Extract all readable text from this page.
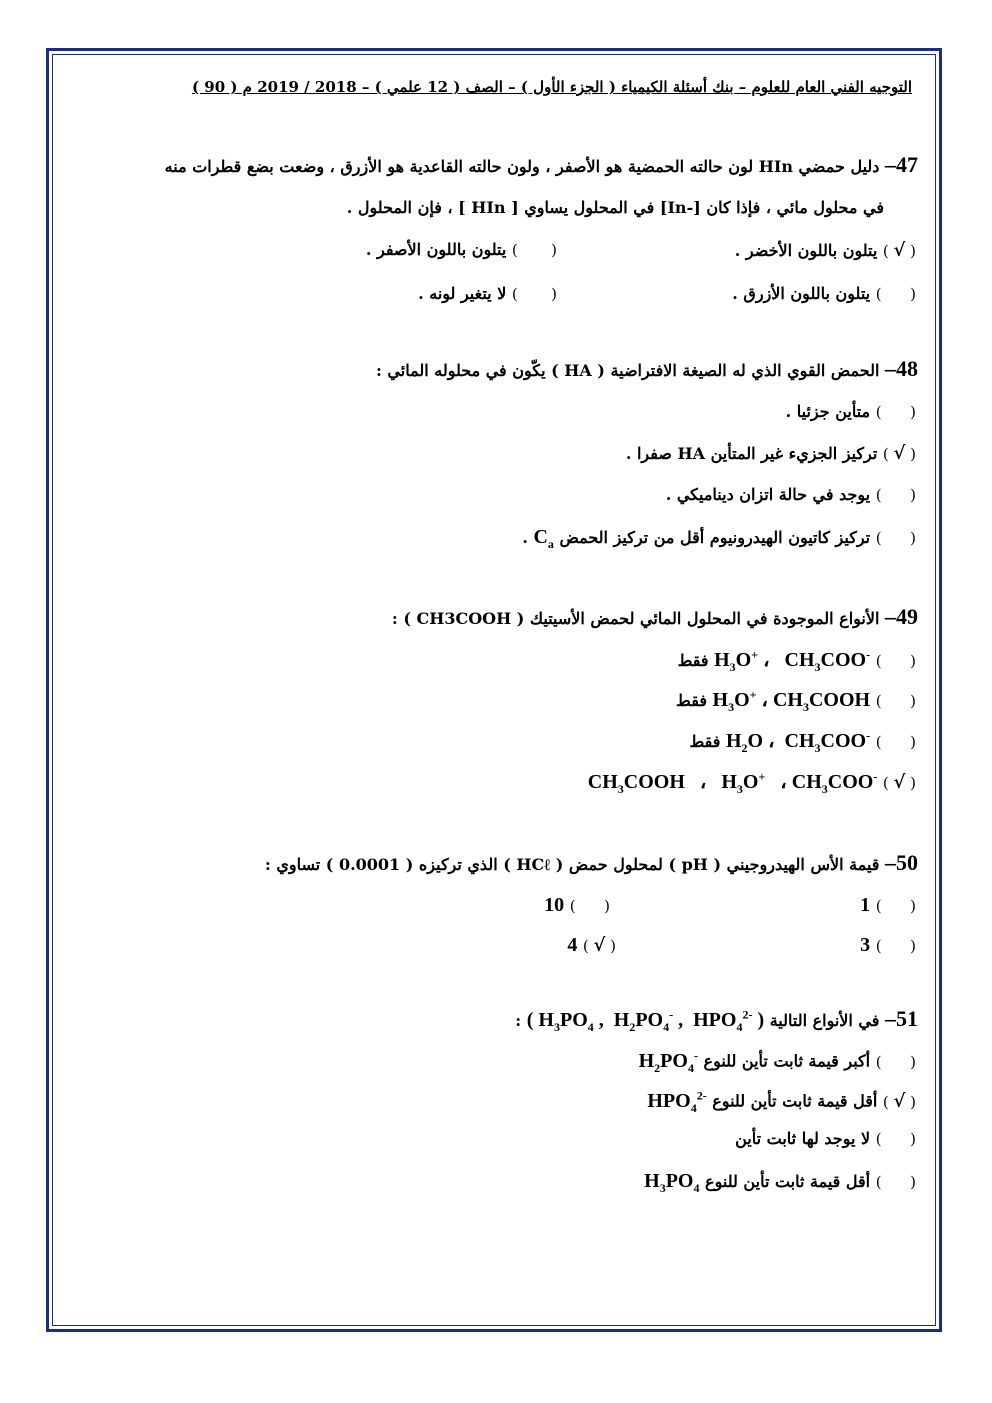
التوجيه الفني العام للعلوم – بنك أسئلة الكيمياء ( الجزء الأول ) – الصف ( 12 علمي ) – 2018 / 2019 م ( 90 )
47– دليل حمضي HIn لون حالته الحمضية هو الأصفر ، ولون حالته القاعدية هو الأزرق ، وضعت بضع قطرات منه
في محلول مائي ، فإذا كان [-In] في المحلول يساوي [ HIn ] ، فإن المحلول .
( √ ) يتلون باللون الأخضر .
(       ) يتلون باللون الأصفر .
(      ) يتلون باللون الأزرق .
(       ) لا يتغير لونه .
48– الحمض القوي الذي له الصيغة الافتراضية ( HA ) يكّون في محلوله المائي :
(      ) متأين جزئيا .
( √ ) تركيز الجزيء غير المتأين HA صفرا .
(      ) يوجد في حالة اتزان ديناميكي .
(      ) تركيز كاتيون الهيدرونيوم أقل من تركيز الحمض $C_a$ .
49– الأنواع الموجودة في المحلول المائي لحمض الأسيتيك ( CH3COOH ) :
(      ) $H_3O^+$ ،   $CH_3COO^-$ فقط
(      ) $H_3O^+$ ، $CH_3COOH$ فقط
(      ) $H_2O$ ،  $CH_3COO^-$ فقط
( √ ) $CH_3COOH$   ،   $H_3O^+$   ، $CH_3COO^-$
50– قيمة الأس الهيدروجيني ( pH ) لمحلول حمض ( HCℓ ) الذي تركيزه ( 0.0001 ) تساوي :
(      ) 1
(      ) 10
(      ) 3
( √ ) 4
51– في الأنواع التالية ( $H_3PO_4$ ,  $H_2PO_4^-$ ,  $HPO_4^{2-}$ ) :
(      ) أكبر قيمة ثابت تأين للنوع $H_2PO_4^-$
( √ ) أقل قيمة ثابت تأين للنوع  $HPO_4^{2-}$
(      ) لا يوجد لها ثابت تأين
(      ) أقل قيمة ثابت تأين للنوع  $H_3PO_4$
